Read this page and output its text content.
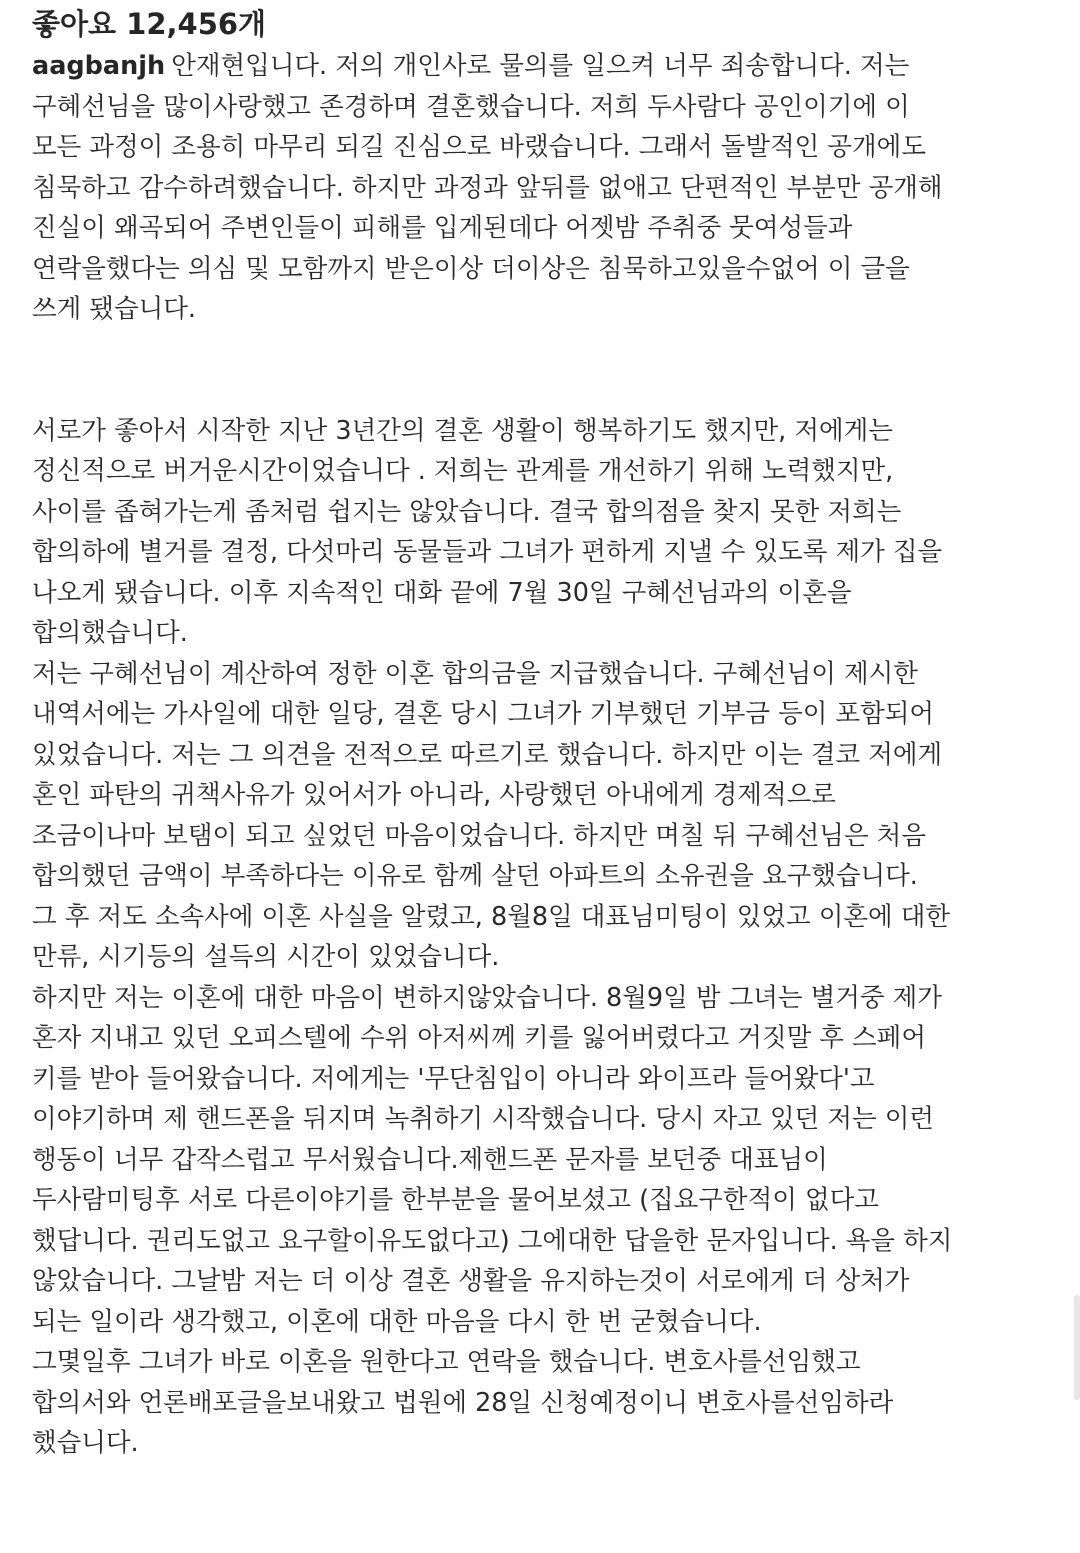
좋아요 12,456개
aagbanjh 안재현입니다. 저의 개인사로 물의를 일으켜 너무 죄송합니다. 저는
구혜선님을 많이사랑했고 존경하며 결혼했습니다. 저희 두사람다 공인이기에 이
모든 과정이 조용히 마무리 되길 진심으로 바랬습니다. 그래서 돌발적인 공개에도
침묵하고 감수하려했습니다. 하지만 과정과 앞뒤를 없애고 단편적인 부분만 공개해
진실이 왜곡되어 주변인들이 피해를 입게된데다 어젯밤 주취중 뭇여성들과
연락을했다는 의심 및 모함까지 받은이상 더이상은 침묵하고있을수없어 이 글을
쓰게 됐습니다.
서로가 좋아서 시작한 지난 3년간의 결혼 생활이 행복하기도 했지만, 저에게는
정신적으로 버거운시간이었습니다 . 저희는 관계를 개선하기 위해 노력했지만,
사이를 좁혀가는게 좀처럼 쉽지는 않았습니다. 결국 합의점을 찾지 못한 저희는
합의하에 별거를 결정, 다섯마리 동물들과 그녀가 편하게 지낼 수 있도록 제가 집을
나오게 됐습니다. 이후 지속적인 대화 끝에 7월 30일 구혜선님과의 이혼을
합의했습니다.
저는 구혜선님이 계산하여 정한 이혼 합의금을 지급했습니다. 구혜선님이 제시한
내역서에는 가사일에 대한 일당, 결혼 당시 그녀가 기부했던 기부금 등이 포함되어
있었습니다. 저는 그 의견을 전적으로 따르기로 했습니다. 하지만 이는 결코 저에게
혼인 파탄의 귀책사유가 있어서가 아니라, 사랑했던 아내에게 경제적으로
조금이나마 보탬이 되고 싶었던 마음이었습니다. 하지만 며칠 뒤 구혜선님은 처음
합의했던 금액이 부족하다는 이유로 함께 살던 아파트의 소유권을 요구했습니다.
그 후 저도 소속사에 이혼 사실을 알렸고, 8월8일 대표님미팅이 있었고 이혼에 대한
만류, 시기등의 설득의 시간이 있었습니다.
하지만 저는 이혼에 대한 마음이 변하지않았습니다. 8월9일 밤 그녀는 별거중 제가
혼자 지내고 있던 오피스텔에 수위 아저씨께 키를 잃어버렸다고 거짓말 후 스페어
키를 받아 들어왔습니다. 저에게는 '무단침입이 아니라 와이프라 들어왔다'고
이야기하며 제 핸드폰을 뒤지며 녹취하기 시작했습니다. 당시 자고 있던 저는 이런
행동이 너무 갑작스럽고 무서웠습니다.제핸드폰 문자를 보던중 대표님이
두사람미팅후 서로 다른이야기를 한부분을 물어보셨고 (집요구한적이 없다고
했답니다. 권리도없고 요구할이유도없다고) 그에대한 답을한 문자입니다. 욕을 하지
않았습니다. 그날밤 저는 더 이상 결혼 생활을 유지하는것이 서로에게 더 상처가
되는 일이라 생각했고, 이혼에 대한 마음을 다시 한 번 굳혔습니다.
그몇일후 그녀가 바로 이혼을 원한다고 연락을 했습니다. 변호사를선임했고
합의서와 언론배포글을보내왔고 법원에 28일 신청예정이니 변호사를선임하라
했습니다.
